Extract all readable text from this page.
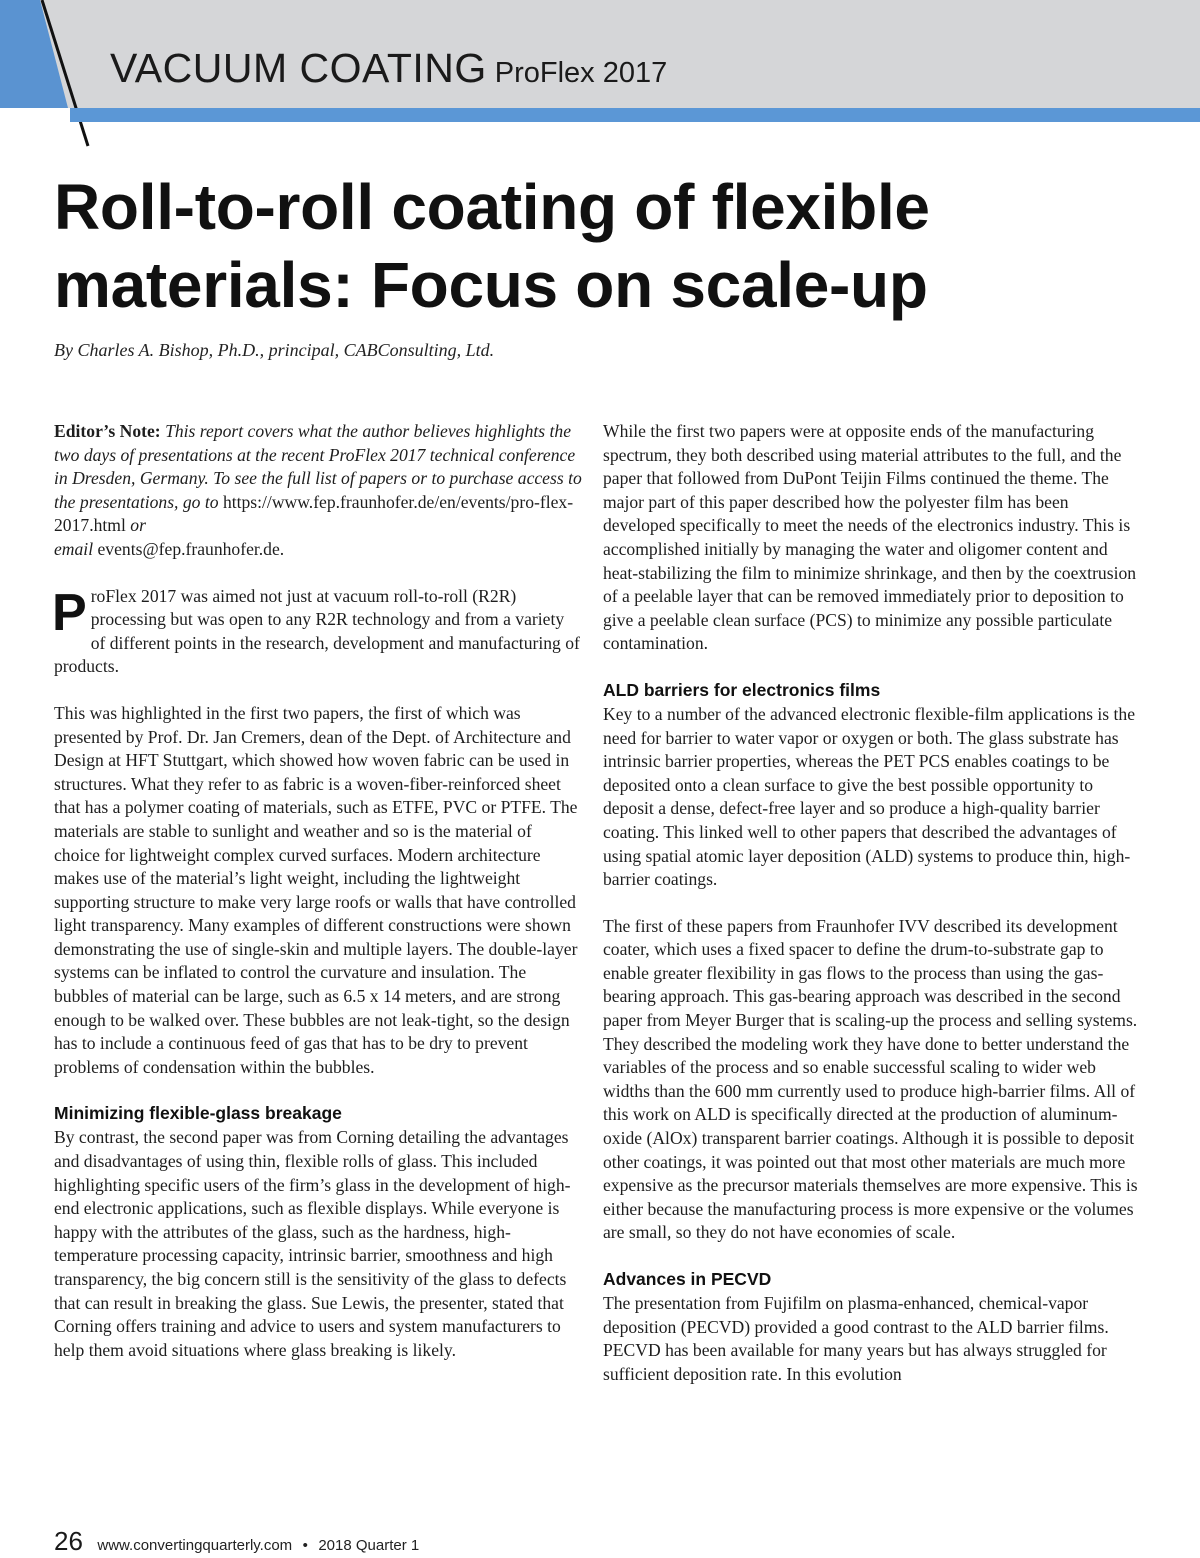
VACUUM COATING ProFlex 2017
Roll-to-roll coating of flexible
materials: Focus on scale-up
By Charles A. Bishop, Ph.D., principal, CABConsulting, Ltd.

Editor’s Note: This report covers what the author believes highlights the two days of presentations at the recent ProFlex 2017 technical conference in Dresden, Germany. To see the full list of papers or to purchase access to the presentations, go to https://www.fep.fraunhofer.de/en/events/pro-flex-2017.html or
email events@fep.fraunhofer.de.

ProFlex 2017 was aimed not just at vacuum roll-to-roll (R2R) processing but was open to any R2R technology and from a variety of different points in the research, development and manufacturing of products.

This was highlighted in the first two papers, the first of which was presented by Prof. Dr. Jan Cremers, dean of the Dept. of Architecture and Design at HFT Stuttgart, which showed how woven fabric can be used in structures. What they refer to as fabric is a woven-fiber-reinforced sheet that has a polymer coating of materials, such as ETFE, PVC or PTFE. The materials are stable to sunlight and weather and so is the material of choice for lightweight complex curved surfaces. Modern architecture makes use of the material’s light weight, including the lightweight supporting structure to make very large roofs or walls that have controlled light transparency. Many examples of different constructions were shown demonstrating the use of single-skin and multiple layers. The double-layer systems can be inflated to control the curvature and insulation. The bubbles of material can be large, such as 6.5 x 14 meters, and are strong enough to be walked over. These bubbles are not leak-tight, so the design has to include a continuous feed of gas that has to be dry to prevent problems of condensation within the bubbles.

Minimizing flexible-glass breakage

By contrast, the second paper was from Corning detailing the advantages and disadvantages of using thin, flexible rolls of glass. This included highlighting specific users of the firm’s glass in the development of high-end electronic applications, such as flexible displays. While everyone is happy with the attributes of the glass, such as the hardness, high-temperature processing capacity, intrinsic barrier, smoothness and high transparency, the big concern still is the sensitivity of the glass to defects that can result in breaking the glass. Sue Lewis, the presenter, stated that Corning offers training and advice to users and system manufacturers to help them avoid situations where glass breaking is likely.

While the first two papers were at opposite ends of the manufacturing spectrum, they both described using material attributes to the full, and the paper that followed from DuPont Teijin Films continued the theme. The major part of this paper described how the polyester film has been developed specifically to meet the needs of the electronics industry. This is accomplished initially by managing the water and oligomer content and heat-stabilizing the film to minimize shrinkage, and then by the coextrusion of a peelable layer that can be removed immediately prior to deposition to give a peelable clean surface (PCS) to minimize any possible particulate contamination.

ALD barriers for electronics films

Key to a number of the advanced electronic flexible-film applications is the need for barrier to water vapor or oxygen or both. The glass substrate has intrinsic barrier properties, whereas the PET PCS enables coatings to be deposited onto a clean surface to give the best possible opportunity to deposit a dense, defect-free layer and so produce a high-quality barrier coating. This linked well to other papers that described the advantages of using spatial atomic layer deposition (ALD) systems to produce thin, high-barrier coatings.

The first of these papers from Fraunhofer IVV described its development coater, which uses a fixed spacer to define the drum-to-substrate gap to enable greater flexibility in gas flows to the process than using the gas-bearing approach. This gas-bearing approach was described in the second paper from Meyer Burger that is scaling-up the process and selling systems. They described the modeling work they have done to better understand the variables of the process and so enable successful scaling to wider web widths than the 600 mm currently used to produce high-barrier films. All of this work on ALD is specifically directed at the production of aluminum-oxide (AlOx) transparent barrier coatings. Although it is possible to deposit other coatings, it was pointed out that most other materials are much more expensive as the precursor materials themselves are more expensive. This is either because the manufacturing process is more expensive or the volumes are small, so they do not have economies of scale.

Advances in PECVD

The presentation from Fujifilm on plasma-enhanced, chemical-vapor deposition (PECVD) provided a good contrast to the ALD barrier films. PECVD has been available for many years but has always struggled for sufficient deposition rate. In this evolution

26 www.convertingquarterly.com • 2018 Quarter 1
